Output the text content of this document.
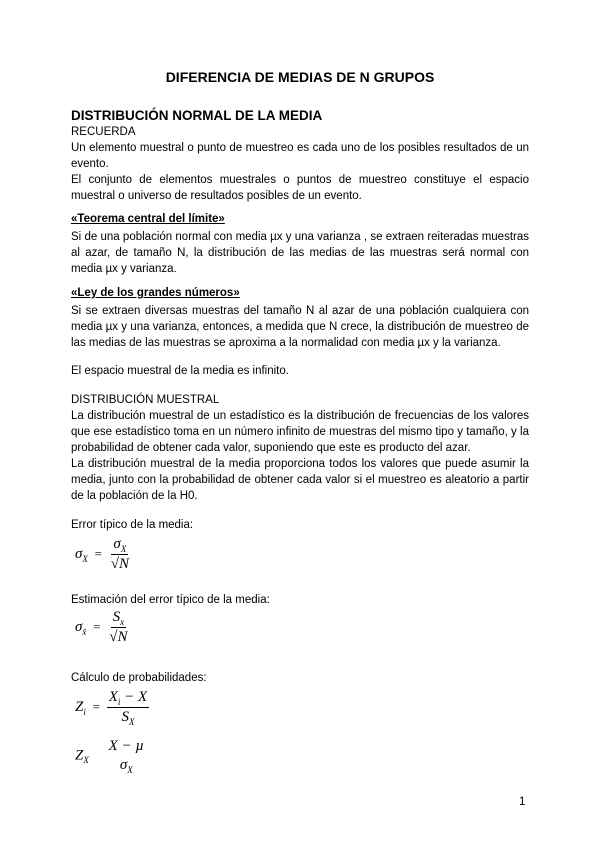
DIFERENCIA DE MEDIAS DE N GRUPOS
DISTRIBUCIÓN NORMAL DE LA MEDIA
RECUERDA
Un elemento muestral o punto de muestreo es cada uno de los posibles resultados de un evento.
El conjunto de elementos muestrales o puntos de muestreo constituye el espacio muestral o universo de resultados posibles de un evento.
«Teorema central del límite»
Si de una población normal con media µx y una varianza , se extraen reiteradas muestras al azar, de tamaño N, la distribución de las medias de las muestras será normal con media µx y varianza.
«Ley de los grandes números»
Si se extraen diversas muestras del tamaño N al azar de una población cualquiera con media µx y una varianza, entonces, a medida que N crece, la distribución de muestreo de las medias de las muestras se aproxima a la normalidad con media µx y la varianza.
El espacio muestral de la media es infinito.
DISTRIBUCIÓN MUESTRAL
La distribución muestral de un estadístico es la distribución de frecuencias de los valores que ese estadístico toma en un número infinito de muestras del mismo tipo y tamaño, y la probabilidad de obtener cada valor, suponiendo que este es producto del azar.
La distribución muestral de la media proporciona todos los valores que puede asumir la media, junto con la probabilidad de obtener cada valor si el muestreo es aleatorio a partir de la población de la H0.
Error típico de la media:
$\sigma_X = \frac{\sigma_X}{√N}$
Estimación del error típico de la media:
$\sigma_{x̄} = \frac{S_x}{√N}$
Cálculo de probabilidades:
$Z_i = \frac{X_i - X}{S_X}$
$Z_X$
X − µ
$\sigma_X$
1
